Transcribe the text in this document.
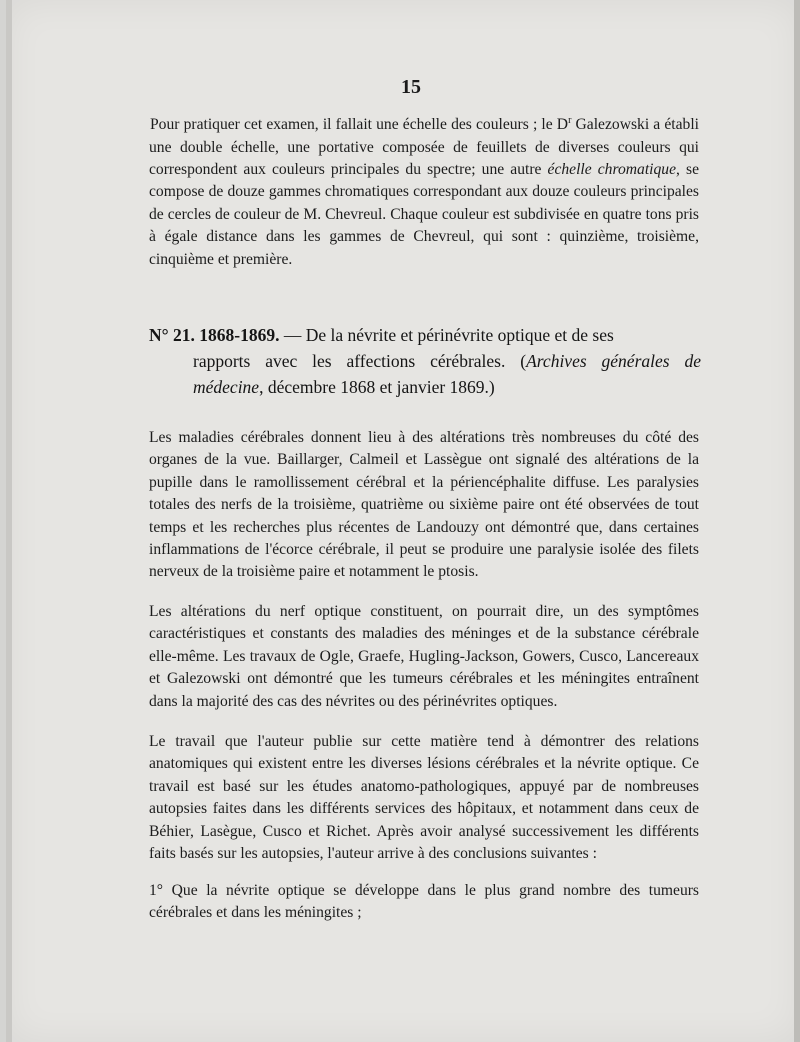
15
Pour pratiquer cet examen, il fallait une échelle des couleurs ; le $D^r$ Galezowski a établi une double échelle, une portative composée de feuillets de diverses couleurs qui correspondent aux couleurs principales du spectre; une autre échelle chromatique, se compose de douze gammes chromatiques correspondant aux douze couleurs principales de cercles de couleur de M. Chevreul. Chaque couleur est subdivisée en quatre tons pris à égale distance dans les gammes de Chevreul, qui sont : quinzième, troisième, cinquième et première.
N° 21. 1868-1869. — De la névrite et périnévrite optique et de ses
rapports avec les affections cérébrales. (Archives générales de médecine, décembre 1868 et janvier 1869.)
Les maladies cérébrales donnent lieu à des altérations très nombreuses du côté des organes de la vue. Baillarger, Calmeil et Lassègue ont signalé des altérations de la pupille dans le ramollissement cérébral et la périencéphalite diffuse. Les paralysies totales des nerfs de la troisième, quatrième ou sixième paire ont été observées de tout temps et les recherches plus récentes de Landouzy ont démontré que, dans certaines inflammations de l'écorce cérébrale, il peut se produire une paralysie isolée des filets nerveux de la troisième paire et notamment le ptosis.
Les altérations du nerf optique constituent, on pourrait dire, un des symptômes caractéristiques et constants des maladies des méninges et de la substance cérébrale elle-même. Les travaux de Ogle, Graefe, Hugling-Jackson, Gowers, Cusco, Lancereaux et Galezowski ont démontré que les tumeurs cérébrales et les méningites entraînent dans la majorité des cas des névrites ou des périnévrites optiques.
Le travail que l'auteur publie sur cette matière tend à démontrer des relations anatomiques qui existent entre les diverses lésions cérébrales et la névrite optique. Ce travail est basé sur les études anatomo-pathologiques, appuyé par de nombreuses autopsies faites dans les différents services des hôpitaux, et notamment dans ceux de Béhier, Lasègue, Cusco et Richet. Après avoir analysé successivement les différents faits basés sur les autopsies, l'auteur arrive à des conclusions suivantes :
1° Que la névrite optique se développe dans le plus grand nombre des tumeurs cérébrales et dans les méningites ;
